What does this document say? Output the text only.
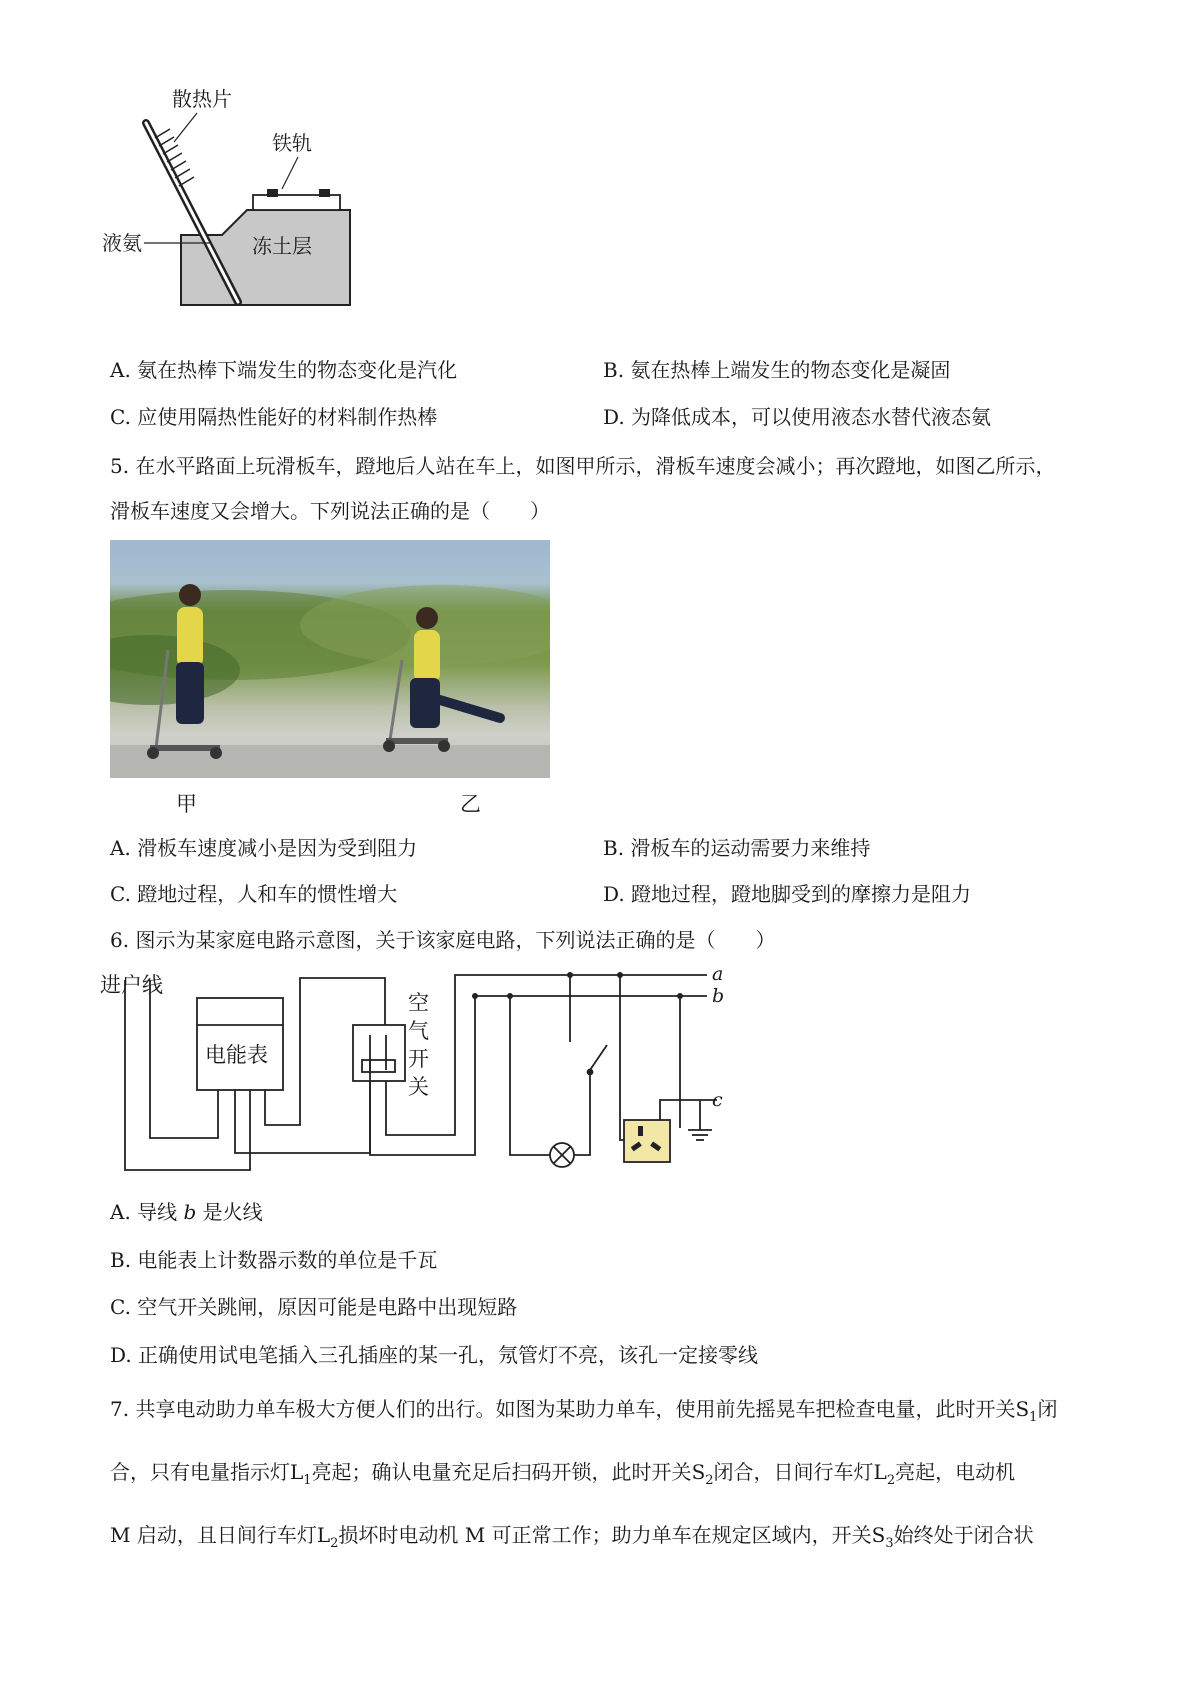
散热片
铁轨
液氨	冻土层
A. 氨在热棒下端发生的物态变化是汽化	B. 氨在热棒上端发生的物态变化是凝固
C. 应使用隔热性能好的材料制作热棒	D. 为降低成本，可以使用液态水替代液态氨
5. 在水平路面上玩滑板车，蹬地后人站在车上，如图甲所示，滑板车速度会减小；再次蹬地，如图乙所示，
滑板车速度又会增大。下列说法正确的是（　　）
甲	乙
A. 滑板车速度减小是因为受到阻力	B. 滑板车的运动需要力来维持
C. 蹬地过程，人和车的惯性增大	D. 蹬地过程，蹬地脚受到的摩擦力是阻力
6. 图示为某家庭电路示意图，关于该家庭电路，下列说法正确的是（　　）
进户线
电能表
空
气
开
关
a
b
c
A. 导线 b 是火线
B. 电能表上计数器示数的单位是千瓦
C. 空气开关跳闸，原因可能是电路中出现短路
D. 正确使用试电笔插入三孔插座的某一孔，氖管灯不亮，该孔一定接零线
7. 共享电动助力单车极大方便人们的出行。如图为某助力单车，使用前先摇晃车把检查电量，此时开关$S_1$闭
合，只有电量指示灯$L_1$亮起；确认电量充足后扫码开锁，此时开关$S_2$闭合，日间行车灯$L_2$亮起，电动机
M 启动，且日间行车灯$L_2$损坏时电动机 M 可正常工作；助力单车在规定区域内，开关$S_3$始终处于闭合状
